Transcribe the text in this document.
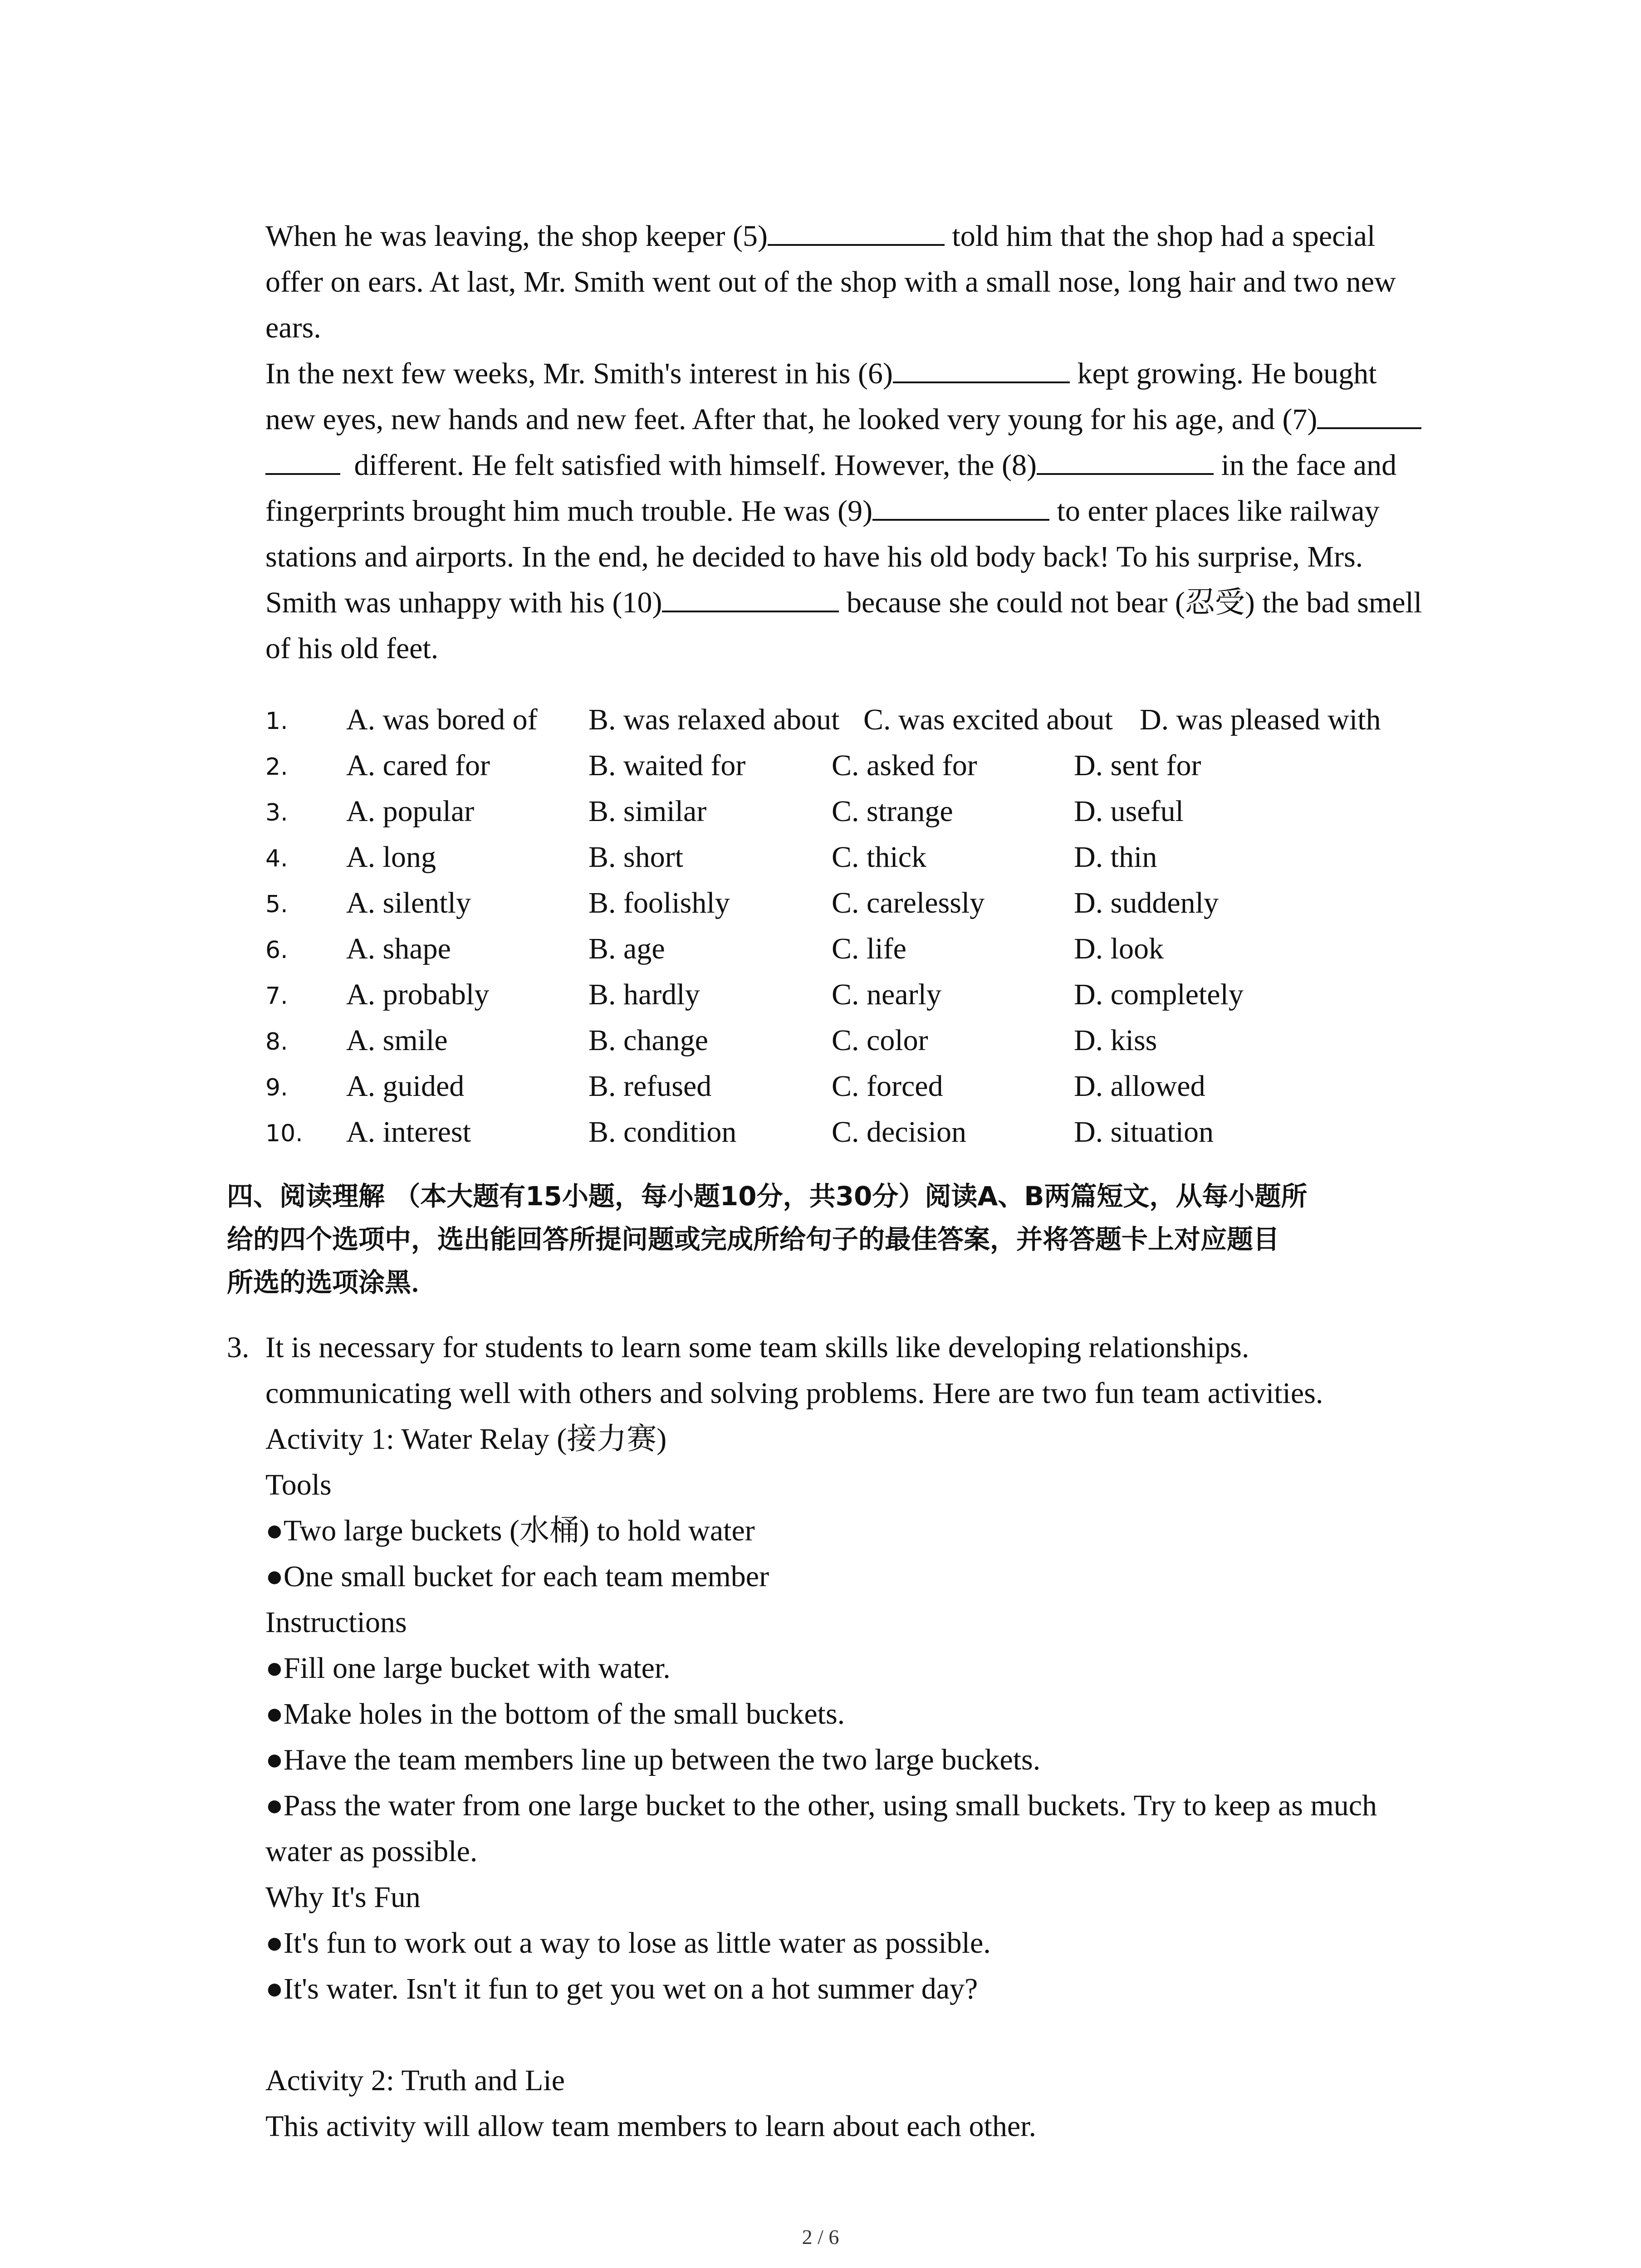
When he was leaving, the shop keeper (5)	told him that the shop had a special
offer on ears. At last, Mr. Smith went out of the shop with a small nose, long hair and two new
ears.
In the next few weeks, Mr. Smith's interest in his (6)	kept growing. He bought
new eyes, new hands and new feet. After that, he looked very young for his age, and (7)
different. He felt satisfied with himself. However, the (8)	in the face and
fingerprints brought him much trouble. He was (9)	to enter places like railway
stations and airports. In the end, he decided to have his old body back! To his surprise, Mrs.
Smith was unhappy with his (10)	because she could not bear (忍受) the bad smell
of his old feet.
1. A. was bored of B. was relaxed about C. was excited about D. was pleased with
2. A. cared for	B. waited for	C. asked for	D. sent for
3. A. popular	B. similar	C. strange	D. useful
4. A. long	B. short	C. thick	D. thin
5. A. silently	B. foolishly	C. carelessly	D. suddenly
6. A. shape	B. age	C. life	D. look
7. A. probably	B. hardly	C. nearly	D. completely
8. A. smile	B. change	C. color	D. kiss
9. A. guided	B. refused	C. forced	D. allowed
10. A. interest	B. condition	C. decision	D. situation
四、阅读理解 （本大题有15小题，每小题10分，共30分）阅读A、B两篇短文，从每小题所
给的四个选项中，选出能回答所提问题或完成所给句子的最佳答案，并将答题卡上对应题目
所选的选项涂黑．
3. It is necessary for students to learn some team skills like developing relationships.
communicating well with others and solving problems. Here are two fun team activities.
Activity 1: Water Relay (接力赛)
Tools
●Two large buckets (水桶) to hold water
●One small bucket for each team member
Instructions
●Fill one large bucket with water.
●Make holes in the bottom of the small buckets.
●Have the team members line up between the two large buckets.
●Pass the water from one large bucket to the other, using small buckets. Try to keep as much
water as possible.
Why It's Fun
●It's fun to work out a way to lose as little water as possible.
●It's water. Isn't it fun to get you wet on a hot summer day?
Activity 2: Truth and Lie
This activity will allow team members to learn about each other.
2 / 6
